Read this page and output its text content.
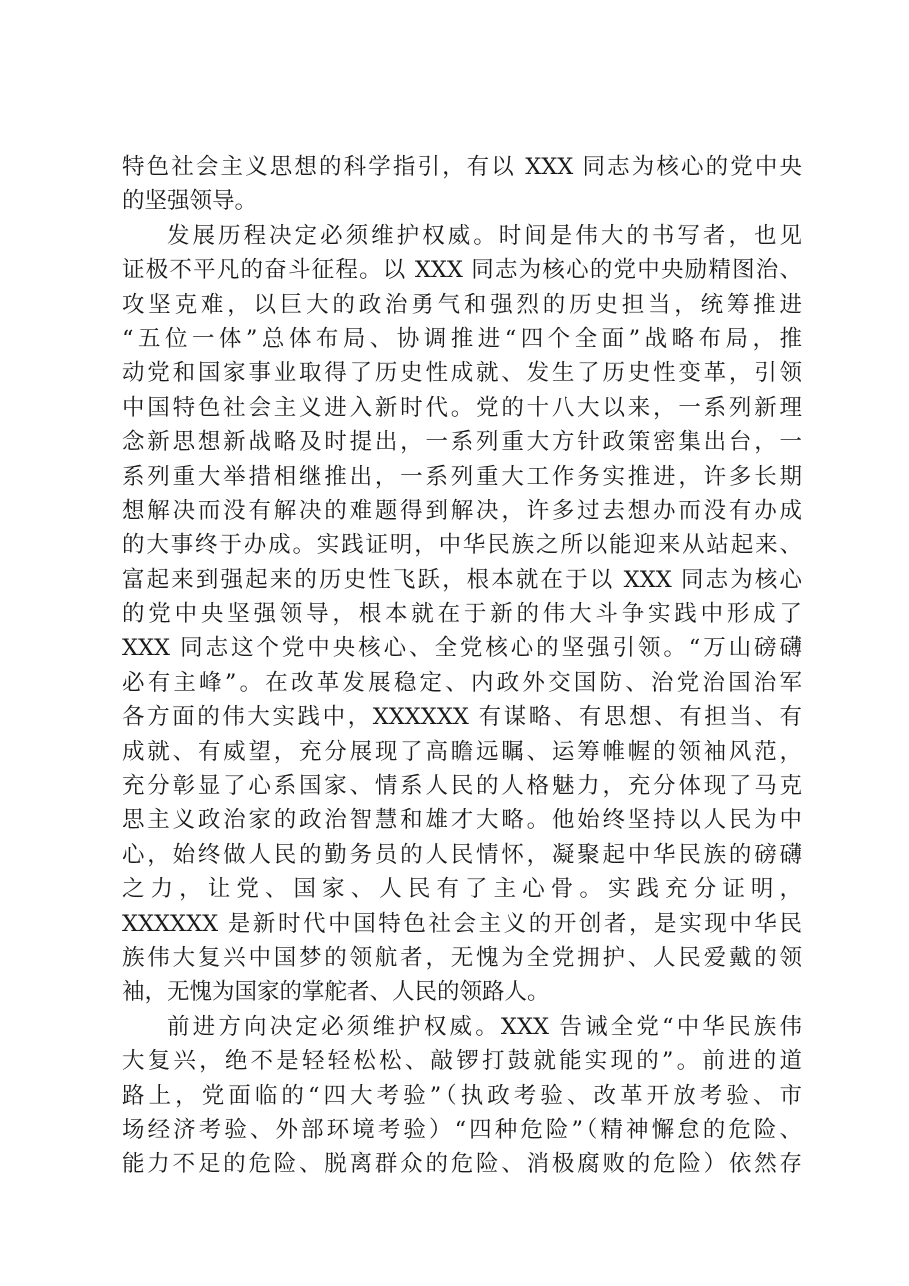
特色社会主义思想的科学指引，有以 XXX 同志为核心的党中央
的坚强领导。
发展历程决定必须维护权威。时间是伟大的书写者，也见
证极不平凡的奋斗征程。以 XXX 同志为核心的党中央励精图治、
攻坚克难，以巨大的政治勇气和强烈的历史担当，统筹推进
“五位一体”总体布局、协调推进“四个全面”战略布局，推
动党和国家事业取得了历史性成就、发生了历史性变革，引领
中国特色社会主义进入新时代。党的十八大以来，一系列新理
念新思想新战略及时提出，一系列重大方针政策密集出台，一
系列重大举措相继推出，一系列重大工作务实推进，许多长期
想解决而没有解决的难题得到解决，许多过去想办而没有办成
的大事终于办成。实践证明，中华民族之所以能迎来从站起来、
富起来到强起来的历史性飞跃，根本就在于以 XXX 同志为核心
的党中央坚强领导，根本就在于新的伟大斗争实践中形成了
XXX 同志这个党中央核心、全党核心的坚强引领。“万山磅礴
必有主峰”。在改革发展稳定、内政外交国防、治党治国治军
各方面的伟大实践中，XXXXXX 有谋略、有思想、有担当、有
成就、有威望，充分展现了高瞻远瞩、运筹帷幄的领袖风范，
充分彰显了心系国家、情系人民的人格魅力，充分体现了马克
思主义政治家的政治智慧和雄才大略。他始终坚持以人民为中
心，始终做人民的勤务员的人民情怀，凝聚起中华民族的磅礴
之力，让党、国家、人民有了主心骨。实践充分证明，
XXXXXX 是新时代中国特色社会主义的开创者，是实现中华民
族伟大复兴中国梦的领航者，无愧为全党拥护、人民爱戴的领
袖，无愧为国家的掌舵者、人民的领路人。
前进方向决定必须维护权威。XXX 告诫全党“中华民族伟
大复兴，绝不是轻轻松松、敲锣打鼓就能实现的”。前进的道
路上，党面临的“四大考验”（执政考验、改革开放考验、市
场经济考验、外部环境考验）“四种危险”（精神懈怠的危险、
能力不足的危险、脱离群众的危险、消极腐败的危险）依然存
